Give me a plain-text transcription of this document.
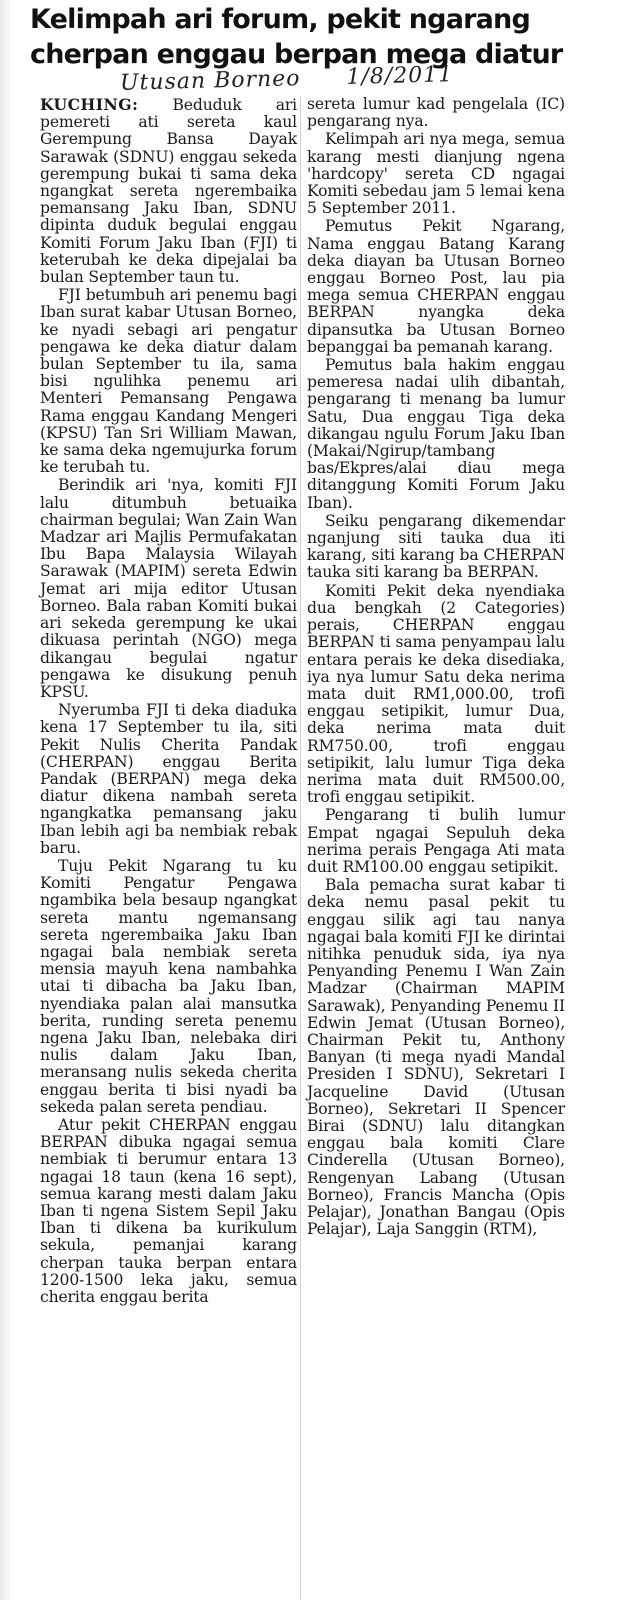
Kelimpah ari forum, pekit ngarang
cherpan enggau berpan mega diatur
Utusan Borneo 1/8/2011

KUCHING: Beduduk ari pemereti ati sereta kaul Gerempung Bansa Dayak Sarawak (SDNU) enggau sekeda gerempung bukai ti sama deka ngangkat sereta ngerembaika pemansang Jaku Iban, SDNU dipinta duduk begulai enggau Komiti Forum Jaku Iban (FJI) ti keterubah ke deka dipejalai ba bulan September taun tu.

FJI betumbuh ari penemu bagi Iban surat kabar Utusan Borneo, ke nyadi sebagi ari pengatur pengawa ke deka diatur dalam bulan September tu ila, sama bisi ngulihka penemu ari Menteri Pemansang Pengawa Rama enggau Kandang Mengeri (KPSU) Tan Sri William Mawan, ke sama deka ngemujurka forum ke terubah tu.

Berindik ari 'nya, komiti FJI lalu ditumbuh betuaika chairman begulai; Wan Zain Wan Madzar ari Majlis Permufakatan Ibu Bapa Malaysia Wilayah Sarawak (MAPIM) sereta Edwin Jemat ari mija editor Utusan Borneo. Bala raban Komiti bukai ari sekeda gerempung ke ukai dikuasa perintah (NGO) mega dikangau begulai ngatur pengawa ke disukung penuh KPSU.

Nyerumba FJI ti deka diaduka kena 17 September tu ila, siti Pekit Nulis Cherita Pandak (CHERPAN) enggau Berita Pandak (BERPAN) mega deka diatur dikena nambah sereta ngangkatka pemansang jaku Iban lebih agi ba nembiak rebak baru.

Tuju Pekit Ngarang tu ku Komiti Pengatur Pengawa ngambika bela besaup ngangkat sereta mantu ngemansang sereta ngerembaika Jaku Iban ngagai bala nembiak sereta mensia mayuh kena nambahka utai ti dibacha ba Jaku Iban, nyendiaka palan alai mansutka berita, runding sereta penemu ngena Jaku Iban, nelebaka diri nulis dalam Jaku Iban, meransang nulis sekeda cherita enggau berita ti bisi nyadi ba sekeda palan sereta pendiau.

Atur pekit CHERPAN enggau BERPAN dibuka ngagai semua nembiak ti berumur entara 13 ngagai 18 taun (kena 16 sept), semua karang mesti dalam Jaku Iban ti ngena Sistem Sepil Jaku Iban ti dikena ba kurikulum sekula, pemanjai karang cherpan tauka berpan entara 1200-1500 leka jaku, semua cherita enggau berita

sereta lumur kad pengelala (IC) pengarang nya.

Kelimpah ari nya mega, semua karang mesti dianjung ngena 'hardcopy' sereta CD ngagai Komiti sebedau jam 5 lemai kena 5 September 2011.

Pemutus Pekit Ngarang, Nama enggau Batang Karang deka diayan ba Utusan Borneo enggau Borneo Post, lau pia mega semua CHERPAN enggau BERPAN nyangka deka dipansutka ba Utusan Borneo bepanggai ba pemanah karang.

Pemutus bala hakim enggau pemeresa nadai ulih dibantah, pengarang ti menang ba lumur Satu, Dua enggau Tiga deka dikangau ngulu Forum Jaku Iban (Makai/Ngirup/tambang bas/Ekpres/alai diau mega ditanggung Komiti Forum Jaku Iban).

Seiku pengarang dikemendar nganjung siti tauka dua iti karang, siti karang ba CHERPAN tauka siti karang ba BERPAN.

Komiti Pekit deka nyendiaka dua bengkah (2 Categories) perais, CHERPAN enggau BERPAN ti sama penyampau lalu entara perais ke deka disediaka, iya nya lumur Satu deka nerima mata duit RM1,000.00, trofi enggau setipikit, lumur Dua, deka nerima mata duit RM750.00, trofi enggau setipikit, lalu lumur Tiga deka nerima mata duit RM500.00, trofi enggau setipikit.

Pengarang ti bulih lumur Empat ngagai Sepuluh deka nerima perais Pengaga Ati mata duit RM100.00 enggau setipikit.

Bala pemacha surat kabar ti deka nemu pasal pekit tu enggau silik agi tau nanya ngagai bala komiti FJI ke dirintai nitihka penuduk sida, iya nya Penyanding Penemu I Wan Zain Madzar (Chairman MAPIM Sarawak), Penyanding Penemu II Edwin Jemat (Utusan Borneo), Chairman Pekit tu, Anthony Banyan (ti mega nyadi Mandal Presiden I SDNU), Sekretari I Jacqueline David (Utusan Borneo), Sekretari II Spencer Birai (SDNU) lalu ditangkan enggau bala komiti Clare Cinderella (Utusan Borneo), Rengenyan Labang (Utusan Borneo), Francis Mancha (Opis Pelajar), Jonathan Bangau (Opis Pelajar), Laja Sanggin (RTM),
